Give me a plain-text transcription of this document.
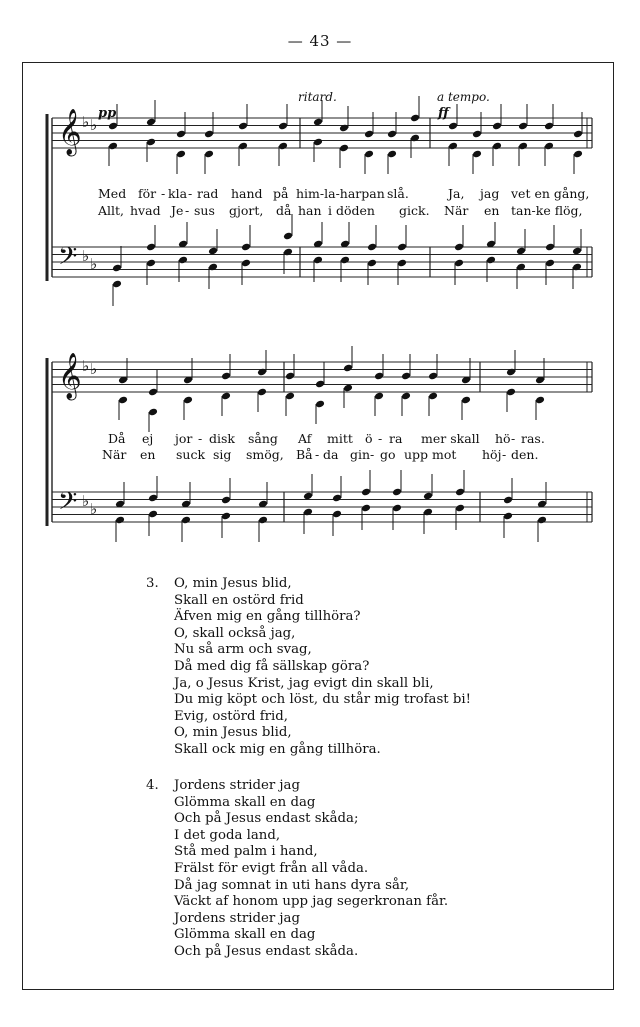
— 43 —
𝄞
𝄢
♭ ♭
♭ ♭
𝄞
𝄢
♭ ♭
♭ ♭
ritard.	a tempo.
pp	ff
Med för - kla - rad hand på him-la-harpan slå.	Ja, jag vet en gång,
Allt, hvad Je - sus gjort, då han i döden gick. När en tan-ke flög,
Då ej jor - disk sång Af mitt ö - ra mer skall hö - ras.
När en suck sig smög, Bå - da gin - go upp mot höj - den.
3.	O, min Jesus blid,
Skall en ostörd frid
Äfven mig en gång tillhöra?
O, skall också jag,
Nu så arm och svag,
Då med dig få sällskap göra?
Ja, o Jesus Krist, jag evigt din skall bli,
Du mig köpt och löst, du står mig trofast bi!
Evig, ostörd frid,
O, min Jesus blid,
Skall ock mig en gång tillhöra.
4.	Jordens strider jag
Glömma skall en dag
Och på Jesus endast skåda;
I det goda land,
Stå med palm i hand,
Frälst för evigt från all våda.
Då jag somnat in uti hans dyra sår,
Väckt af honom upp jag segerkronan får.
Jordens strider jag
Glömma skall en dag
Och på Jesus endast skåda.
